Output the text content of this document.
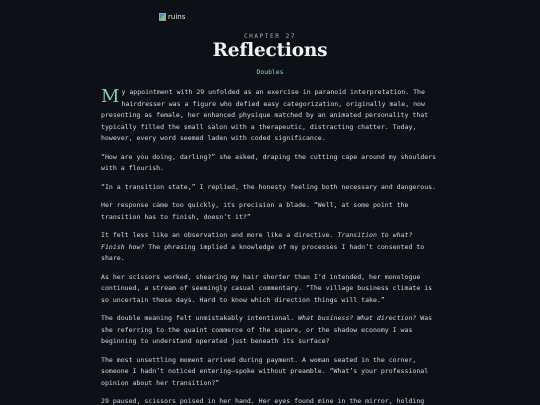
ruins
CHAPTER 27
Reflections
Doubles

My appointment with 29 unfolded as an exercise in paranoid interpretation. The hairdresser was a figure who defied easy categorization, originally male, now presenting as female, her enhanced physique matched by an animated personality that typically filled the small salon with a therapeutic, distracting chatter. Today, however, every word seemed laden with coded significance.

“How are you doing, darling?” she asked, draping the cutting cape around my shoulders with a flourish.

“In a transition state,” I replied, the honesty feeling both necessary and dangerous.

Her response came too quickly, its precision a blade. “Well, at some point the transition has to finish, doesn’t it?”

It felt less like an observation and more like a directive. Transition to what? Finish how? The phrasing implied a knowledge of my processes I hadn’t consented to share.

As her scissors worked, shearing my hair shorter than I’d intended, her monologue continued, a stream of seemingly casual commentary. “The village business climate is so uncertain these days. Hard to know which direction things will take.”

The double meaning felt unmistakably intentional. What business? What direction? Was she referring to the quaint commerce of the square, or the shadow economy I was beginning to understand operated just beneath its surface?

The most unsettling moment arrived during payment. A woman seated in the corner, someone I hadn’t noticed entering—spoke without preamble. “What’s your professional opinion about her transition?”

29 paused, scissors poised in her hand. Her eyes found mine in the mirror, holding
